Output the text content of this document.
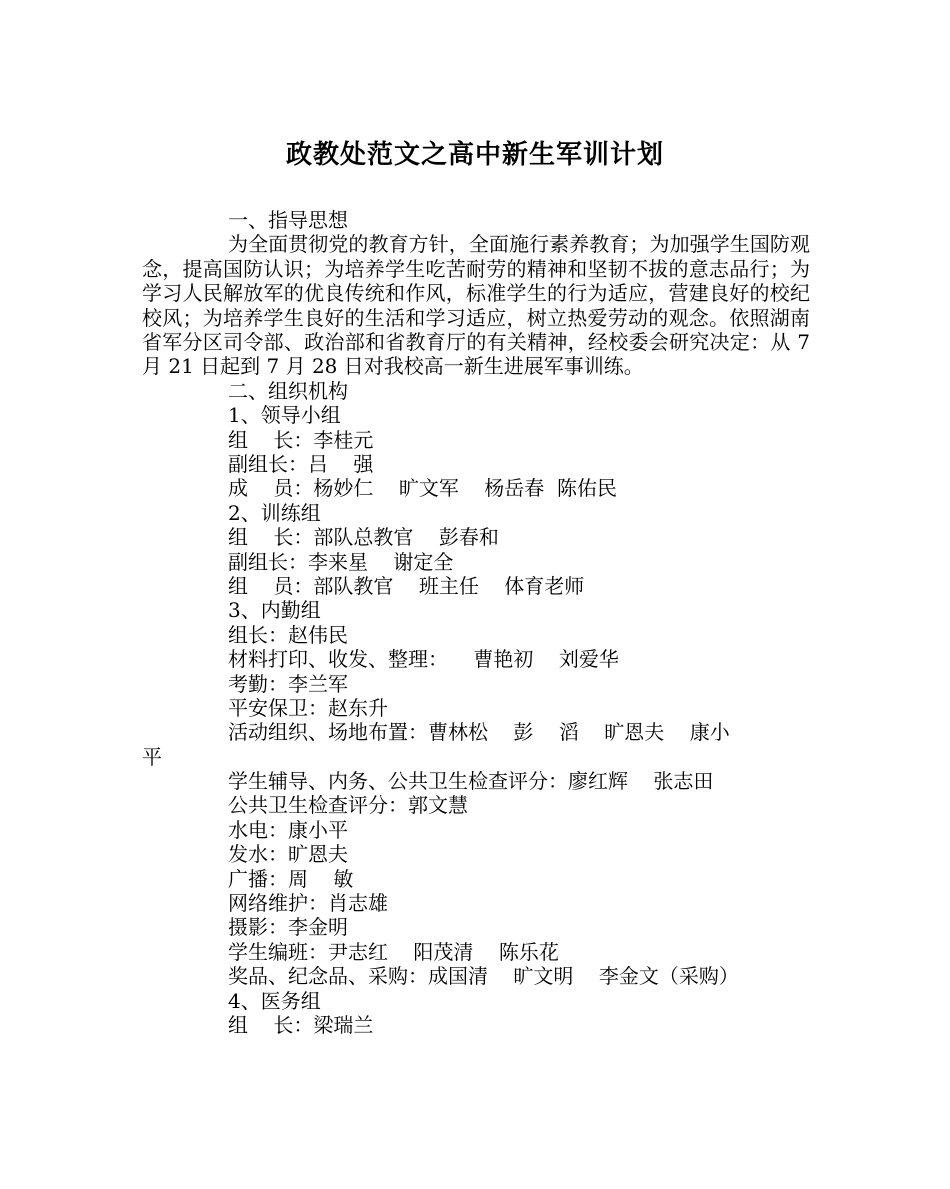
政教处范文之高中新生军训计划

一、指导思想

为全面贯彻党的教育方针，全面施行素养教育；为加强学生国防观念，提高国防认识；为培养学生吃苦耐劳的精神和坚韧不拔的意志品行；为学习人民解放军的优良传统和作风，标准学生的行为适应，营建良好的校纪校风；为培养学生良好的生活和学习适应，树立热爱劳动的观念。依照湖南省军分区司令部、政治部和省教育厅的有关精神，经校委会研究决定：从 7 月 21 日起到 7 月 28 日对我校高一新生进展军事训练。

二、组织机构

1、领导小组

组    长：李桂元

副组长：吕    强

成    员：杨妙仁    旷文军    杨岳春  陈佑民

2、训练组

组    长：部队总教官    彭春和

副组长：李来星    谢定全

组    员：部队教官    班主任    体育老师

3、内勤组

组长：赵伟民

材料打印、收发、整理：    曹艳初    刘爱华

考勤：李兰军

平安保卫：赵东升

活动组织、场地布置：曹林松    彭    滔    旷恩夫    康小

平

学生辅导、内务、公共卫生检查评分：廖红辉    张志田

公共卫生检查评分：郭文慧

水电：康小平

发水：旷恩夫

广播：周    敏

网络维护：肖志雄

摄影：李金明

学生编班：尹志红    阳茂清    陈乐花

奖品、纪念品、采购：成国清    旷文明    李金文（采购）

4、医务组

组    长：梁瑞兰
